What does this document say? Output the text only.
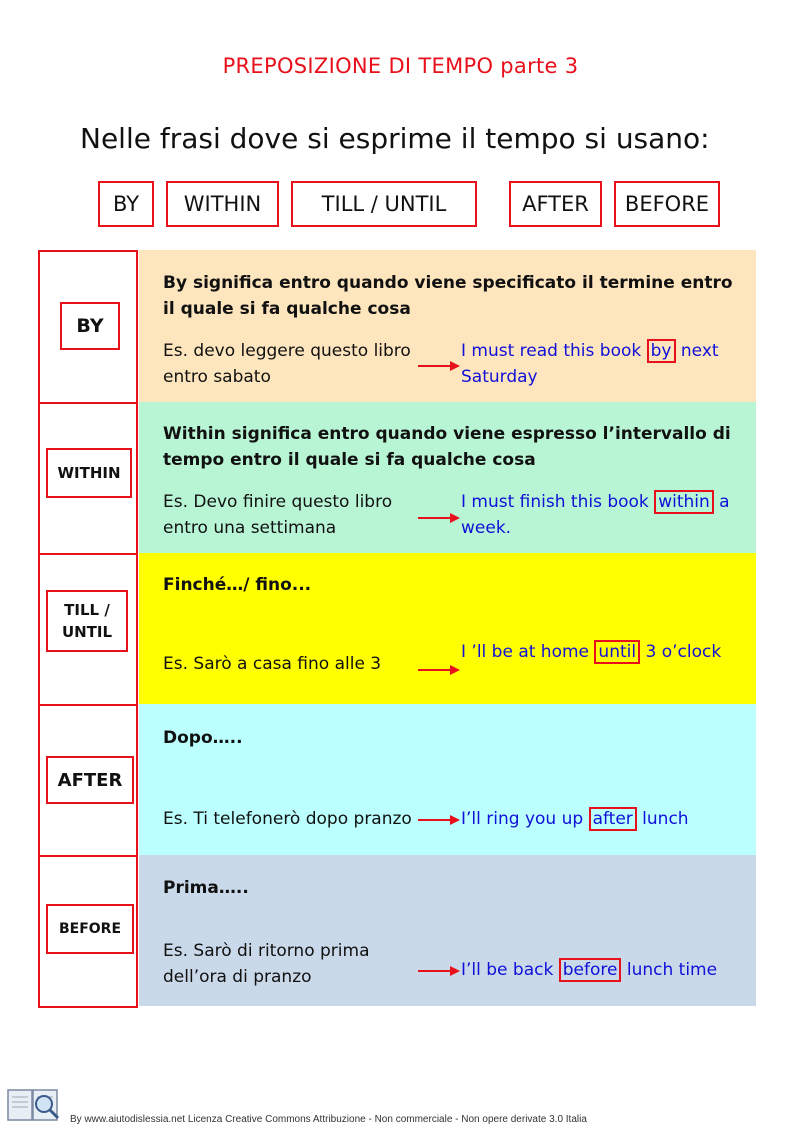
PREPOSIZIONE DI TEMPO parte 3
Nelle frasi dove si esprime il tempo si usano:
BY	WITHIN	TILL / UNTIL	AFTER	BEFORE
BY
By significa entro quando viene specificato il termine entro il quale si fa qualche cosa
Es. devo leggere questo libro entro sabato
I must read this book by next Saturday
WITHIN
Within significa entro quando viene espresso l’intervallo di tempo entro il quale si fa qualche cosa
Es. Devo finire questo libro entro una settimana
I must finish this book within a week.
TILL / UNTIL
Finché…/ fino...
Es. Sarò a casa fino alle 3
I ’ll be at home until 3 o’clock
AFTER
Dopo…..
Es. Ti telefonerò dopo pranzo	I’ll ring you up after lunch
BEFORE
Prima…..
Es. Sarò di ritorno prima dell’ora di pranzo	I’ll be back before lunch time
By www.aiutodislessia.net Licenza Creative Commons Attribuzione - Non commerciale - Non opere derivate 3.0 Italia
